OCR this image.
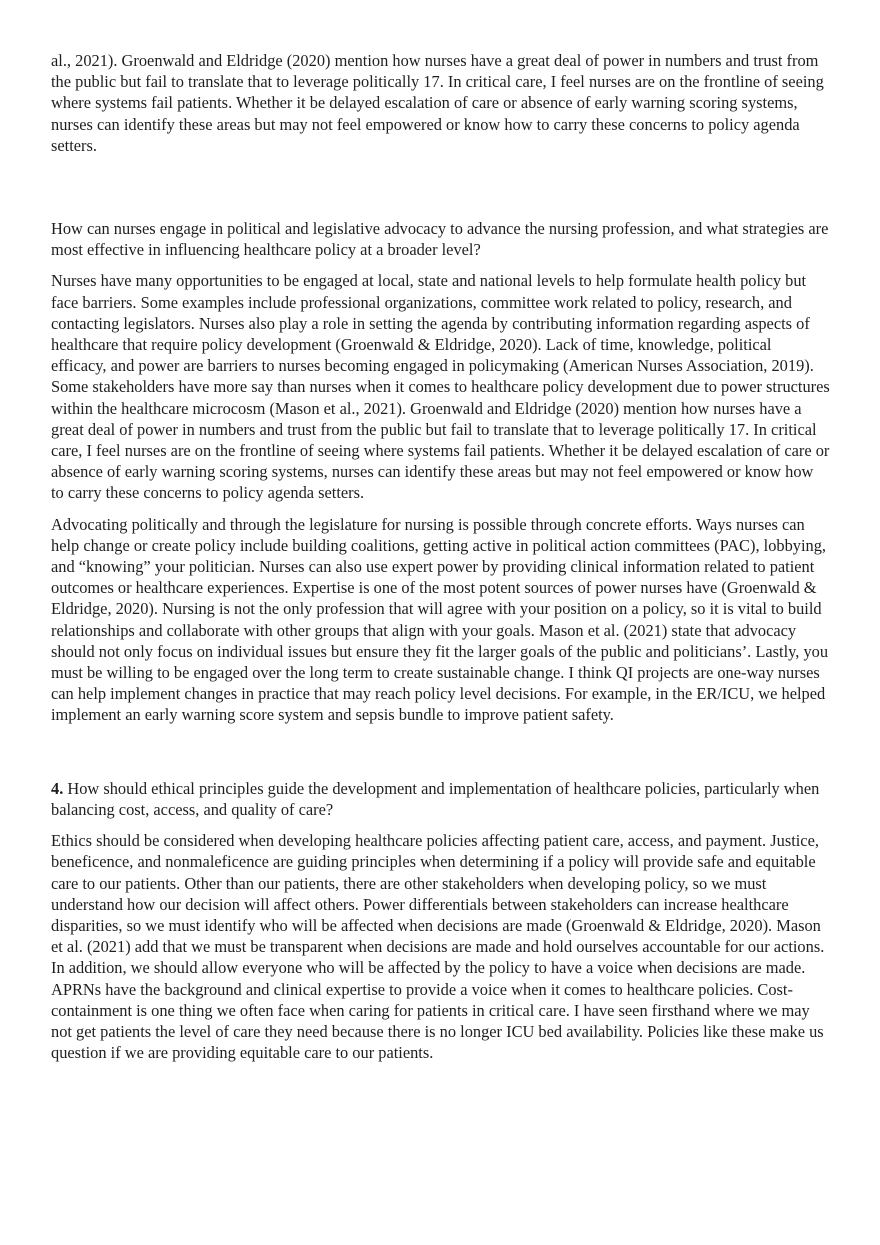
al., 2021). Groenwald and Eldridge (2020) mention how nurses have a great deal of power in numbers and trust from the public but fail to translate that to leverage politically 17. In critical care, I feel nurses are on the frontline of seeing where systems fail patients. Whether it be delayed escalation of care or absence of early warning scoring systems, nurses can identify these areas but may not feel empowered or know how to carry these concerns to policy agenda setters.

How can nurses engage in political and legislative advocacy to advance the nursing profession, and what strategies are most effective in influencing healthcare policy at a broader level?

Nurses have many opportunities to be engaged at local, state and national levels to help formulate health policy but face barriers. Some examples include professional organizations, committee work related to policy, research, and contacting legislators. Nurses also play a role in setting the agenda by contributing information regarding aspects of healthcare that require policy development (Groenwald & Eldridge, 2020). Lack of time, knowledge, political efficacy, and power are barriers to nurses becoming engaged in policymaking (American Nurses Association, 2019). Some stakeholders have more say than nurses when it comes to healthcare policy development due to power structures within the healthcare microcosm (Mason et al., 2021). Groenwald and Eldridge (2020) mention how nurses have a great deal of power in numbers and trust from the public but fail to translate that to leverage politically 17. In critical care, I feel nurses are on the frontline of seeing where systems fail patients. Whether it be delayed escalation of care or absence of early warning scoring systems, nurses can identify these areas but may not feel empowered or know how to carry these concerns to policy agenda setters.

Advocating politically and through the legislature for nursing is possible through concrete efforts. Ways nurses can help change or create policy include building coalitions, getting active in political action committees (PAC), lobbying, and “knowing” your politician. Nurses can also use expert power by providing clinical information related to patient outcomes or healthcare experiences. Expertise is one of the most potent sources of power nurses have (Groenwald & Eldridge, 2020). Nursing is not the only profession that will agree with your position on a policy, so it is vital to build relationships and collaborate with other groups that align with your goals. Mason et al. (2021) state that advocacy should not only focus on individual issues but ensure they fit the larger goals of the public and politicians’. Lastly, you must be willing to be engaged over the long term to create sustainable change. I think QI projects are one-way nurses can help implement changes in practice that may reach policy level decisions. For example, in the ER/ICU, we helped implement an early warning score system and sepsis bundle to improve patient safety.

4. How should ethical principles guide the development and implementation of healthcare policies, particularly when balancing cost, access, and quality of care?

Ethics should be considered when developing healthcare policies affecting patient care, access, and payment. Justice, beneficence, and nonmaleficence are guiding principles when determining if a policy will provide safe and equitable care to our patients. Other than our patients, there are other stakeholders when developing policy, so we must understand how our decision will affect others. Power differentials between stakeholders can increase healthcare disparities, so we must identify who will be affected when decisions are made (Groenwald & Eldridge, 2020). Mason et al. (2021) add that we must be transparent when decisions are made and hold ourselves accountable for our actions. In addition, we should allow everyone who will be affected by the policy to have a voice when decisions are made. APRNs have the background and clinical expertise to provide a voice when it comes to healthcare policies. Cost-containment is one thing we often face when caring for patients in critical care. I have seen firsthand where we may not get patients the level of care they need because there is no longer ICU bed availability. Policies like these make us question if we are providing equitable care to our patients.
